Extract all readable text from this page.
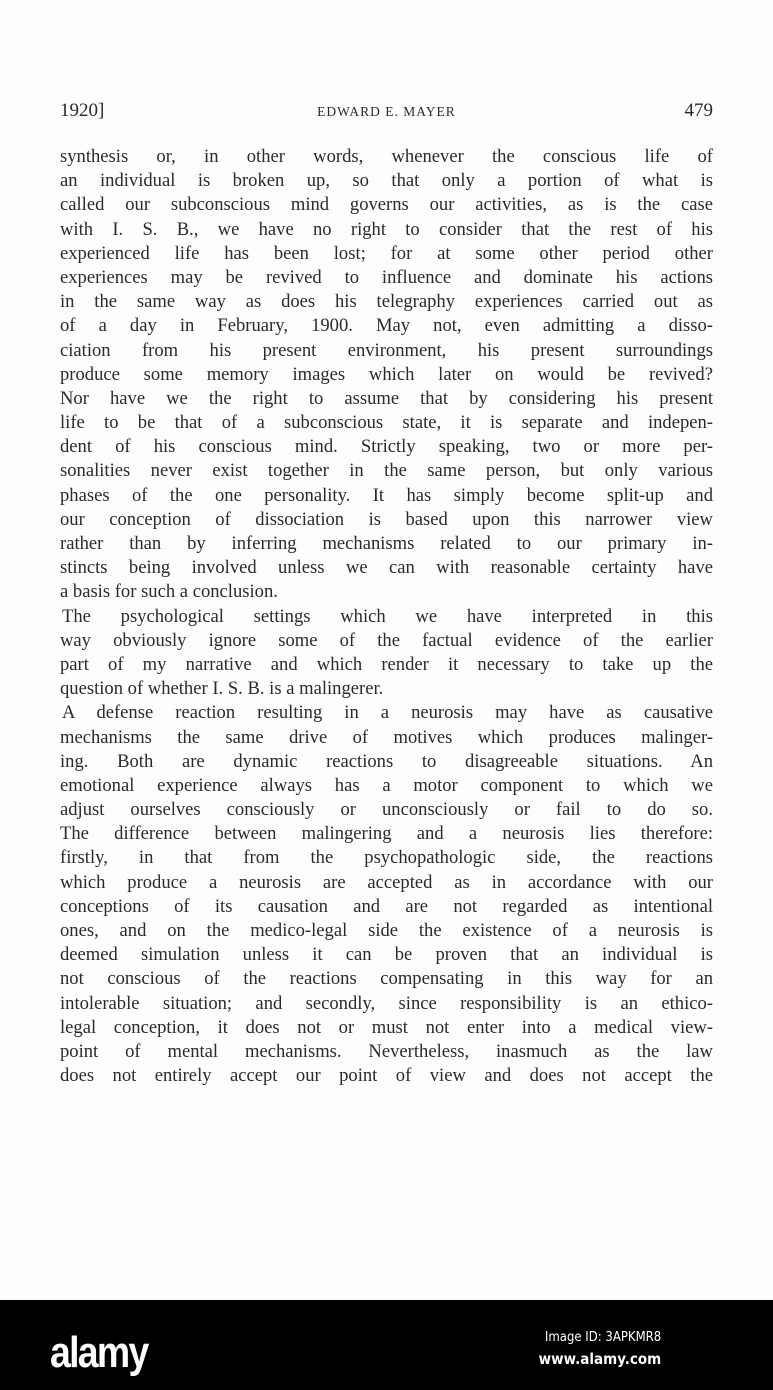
1920]	EDWARD E. MAYER	479
synthesis or, in other words, whenever the conscious life of
an individual is broken up, so that only a portion of what is
called our subconscious mind governs our activities, as is the case
with I. S. B., we have no right to consider that the rest of his
experienced life has been lost; for at some other period other
experiences may be revived to influence and dominate his actions
in the same way as does his telegraphy experiences carried out as
of a day in February, 1900. May not, even admitting a disso-
ciation from his present environment, his present surroundings
produce some memory images which later on would be revived?
Nor have we the right to assume that by considering his present
life to be that of a subconscious state, it is separate and indepen-
dent of his conscious mind. Strictly speaking, two or more per-
sonalities never exist together in the same person, but only various
phases of the one personality. It has simply become split-up and
our conception of dissociation is based upon this narrower view
rather than by inferring mechanisms related to our primary in-
stincts being involved unless we can with reasonable certainty have
a basis for such a conclusion.
The psychological settings which we have interpreted in this
way obviously ignore some of the factual evidence of the earlier
part of my narrative and which render it necessary to take up the
question of whether I. S. B. is a malingerer.
A defense reaction resulting in a neurosis may have as causative
mechanisms the same drive of motives which produces malinger-
ing. Both are dynamic reactions to disagreeable situations. An
emotional experience always has a motor component to which we
adjust ourselves consciously or unconsciously or fail to do so.
The difference between malingering and a neurosis lies therefore:
firstly, in that from the psychopathologic side, the reactions
which produce a neurosis are accepted as in accordance with our
conceptions of its causation and are not regarded as intentional
ones, and on the medico-legal side the existence of a neurosis is
deemed simulation unless it can be proven that an individual is
not conscious of the reactions compensating in this way for an
intolerable situation; and secondly, since responsibility is an ethico-
legal conception, it does not or must not enter into a medical view-
point of mental mechanisms. Nevertheless, inasmuch as the law
does not entirely accept our point of view and does not accept the
alamy	Image ID: 3APKMR8
www.alamy.com
